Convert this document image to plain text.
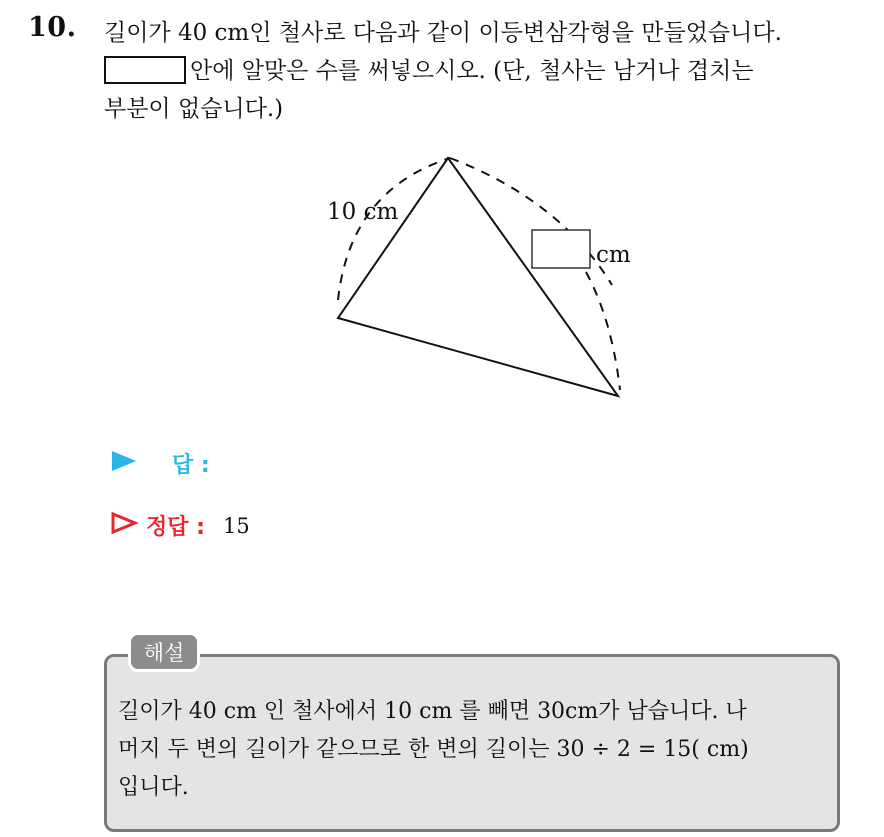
10. 길이가 40 cm인 철사로 다음과 같이 이등변삼각형을 만들었습니다.
안에 알맞은 수를 써넣으시오. (단, 철사는 남거나 겹치는
부분이 없습니다.)
10 cm
cm
답 :
정답 : 15
해설
길이가 40 cm 인 철사에서 10 cm 를 빼면 30cm가 남습니다. 나
머지 두 변의 길이가 같으므로 한 변의 길이는 30 ÷ 2 = 15( cm)
입니다.
